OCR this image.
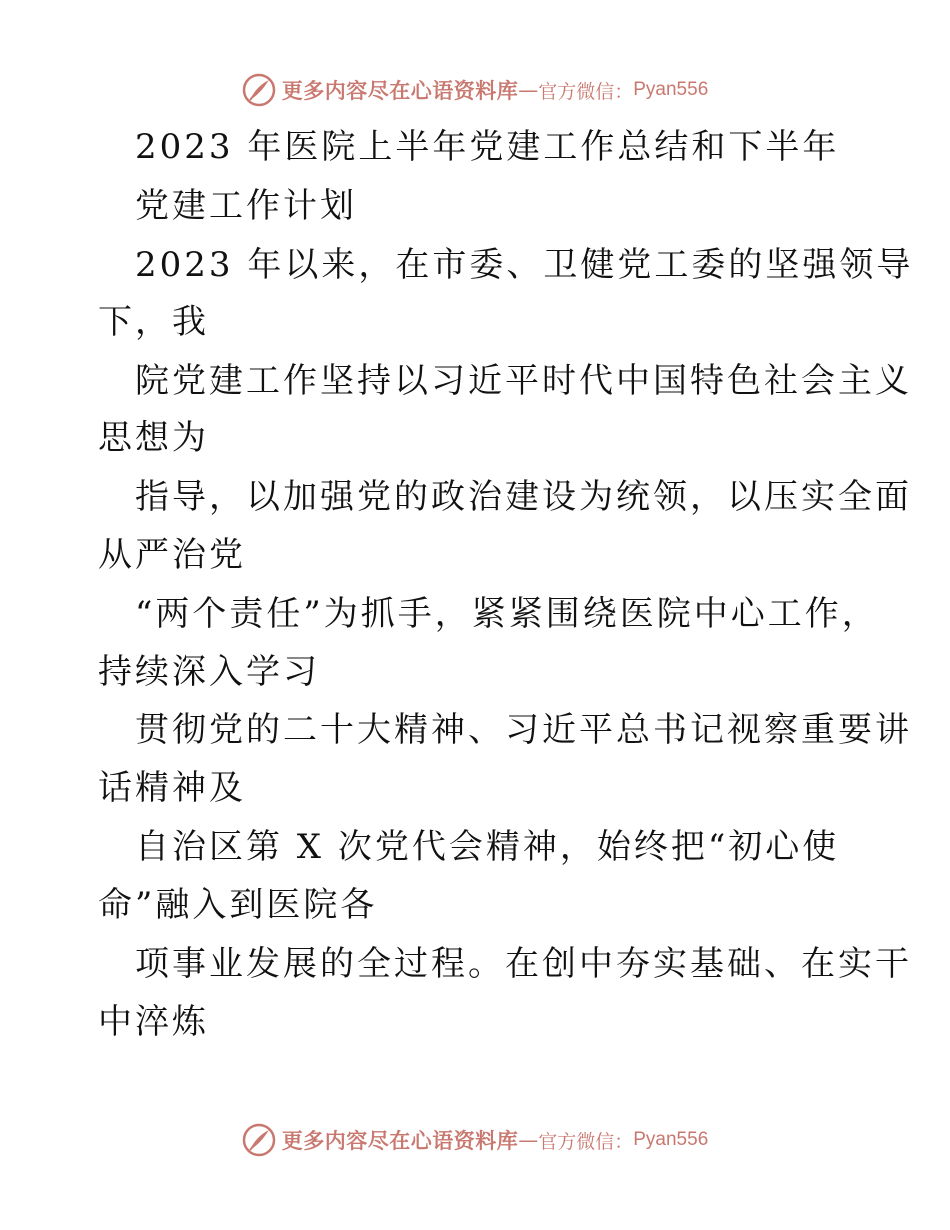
更多内容尽在心语资料库 — 官方微信： Pyan556
2023 年医院上半年党建工作总结和下半年
党建工作计划
2023 年以来，在市委、卫健党工委的坚强领导
下，我
院党建工作坚持以习近平时代中国特色社会主义
思想为
指导，以加强党的政治建设为统领，以压实全面
从严治党
“两个责任”为抓手，紧紧围绕医院中心工作，
持续深入学习
贯彻党的二十大精神、习近平总书记视察重要讲
话精神及
自治区第 X 次党代会精神，始终把“初心使
命”融入到医院各
项事业发展的全过程。在创中夯实基础、在实干
中淬炼
更多内容尽在心语资料库 — 官方微信： Pyan556
